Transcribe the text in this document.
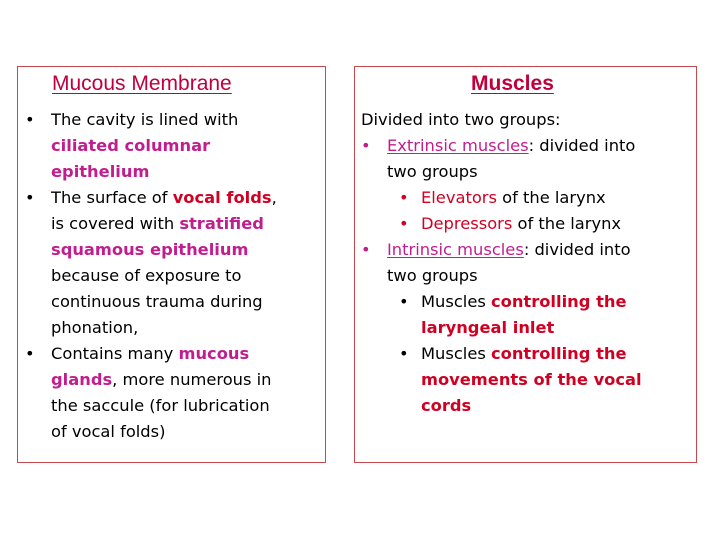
Mucous Membrane	Muscles
• The cavity is lined with
ciliated columnar
epithelium
• The surface of vocal folds,
is covered with stratified
squamous epithelium
because of exposure to
continuous trauma during
phonation,
• Contains many mucous
glands, more numerous in
the saccule (for lubrication
of vocal folds)
Divided into two groups:
• Extrinsic muscles: divided into
two groups
• Elevators of the larynx
• Depressors of the larynx
• Intrinsic muscles: divided into
two groups
• Muscles controlling the
laryngeal inlet
• Muscles controlling the
movements of the vocal
cords
